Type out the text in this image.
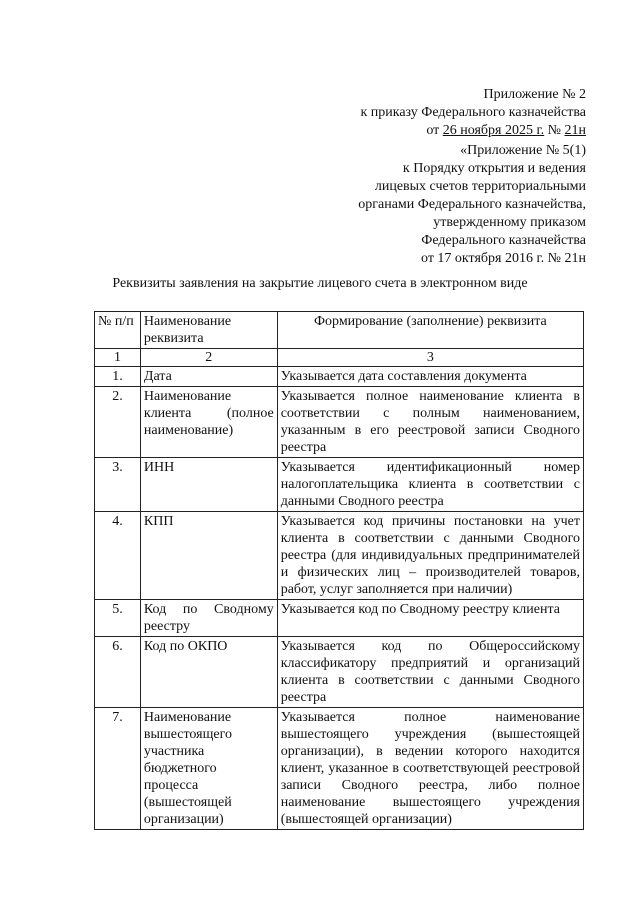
Приложение № 2
к приказу Федерального казначейства
от 26 ноября 2025 г. № 21н
«Приложение № 5(1)
к Порядку открытия и ведения
лицевых счетов территориальными
органами Федерального казначейства,
утвержденному приказом
Федерального казначейства
от 17 октября 2016 г. № 21н
Реквизиты заявления на закрытие лицевого счета в электронном виде
№ п/п	Наименование реквизита	Формирование (заполнение) реквизита
1	2	3
1.	Дата	Указывается дата составления документа
2.	Наименование клиента (полное наименование)	Указывается полное наименование клиента в соответствии с полным наименованием, указанным в его реестровой записи Сводного реестра
3.	ИНН	Указывается идентификационный номер налогоплательщика клиента в соответствии с данными Сводного реестра
4.	КПП	Указывается код причины постановки на учет клиента в соответствии с данными Сводного реестра (для индивидуальных предпринимателей и физических лиц – производителей товаров, работ, услуг заполняется при наличии)
5.	Код по Сводному реестру	Указывается код по Сводному реестру клиента
6.	Код по ОКПО	Указывается код по Общероссийскому классификатору предприятий и организаций клиента в соответствии с данными Сводного реестра
7.	Наименование вышестоящего участника бюджетного процесса (вышестоящей организации)	Указывается полное наименование вышестоящего учреждения (вышестоящей организации), в ведении которого находится клиент, указанное в соответствующей реестровой записи Сводного реестра, либо полное наименование вышестоящего учреждения (вышестоящей организации)
